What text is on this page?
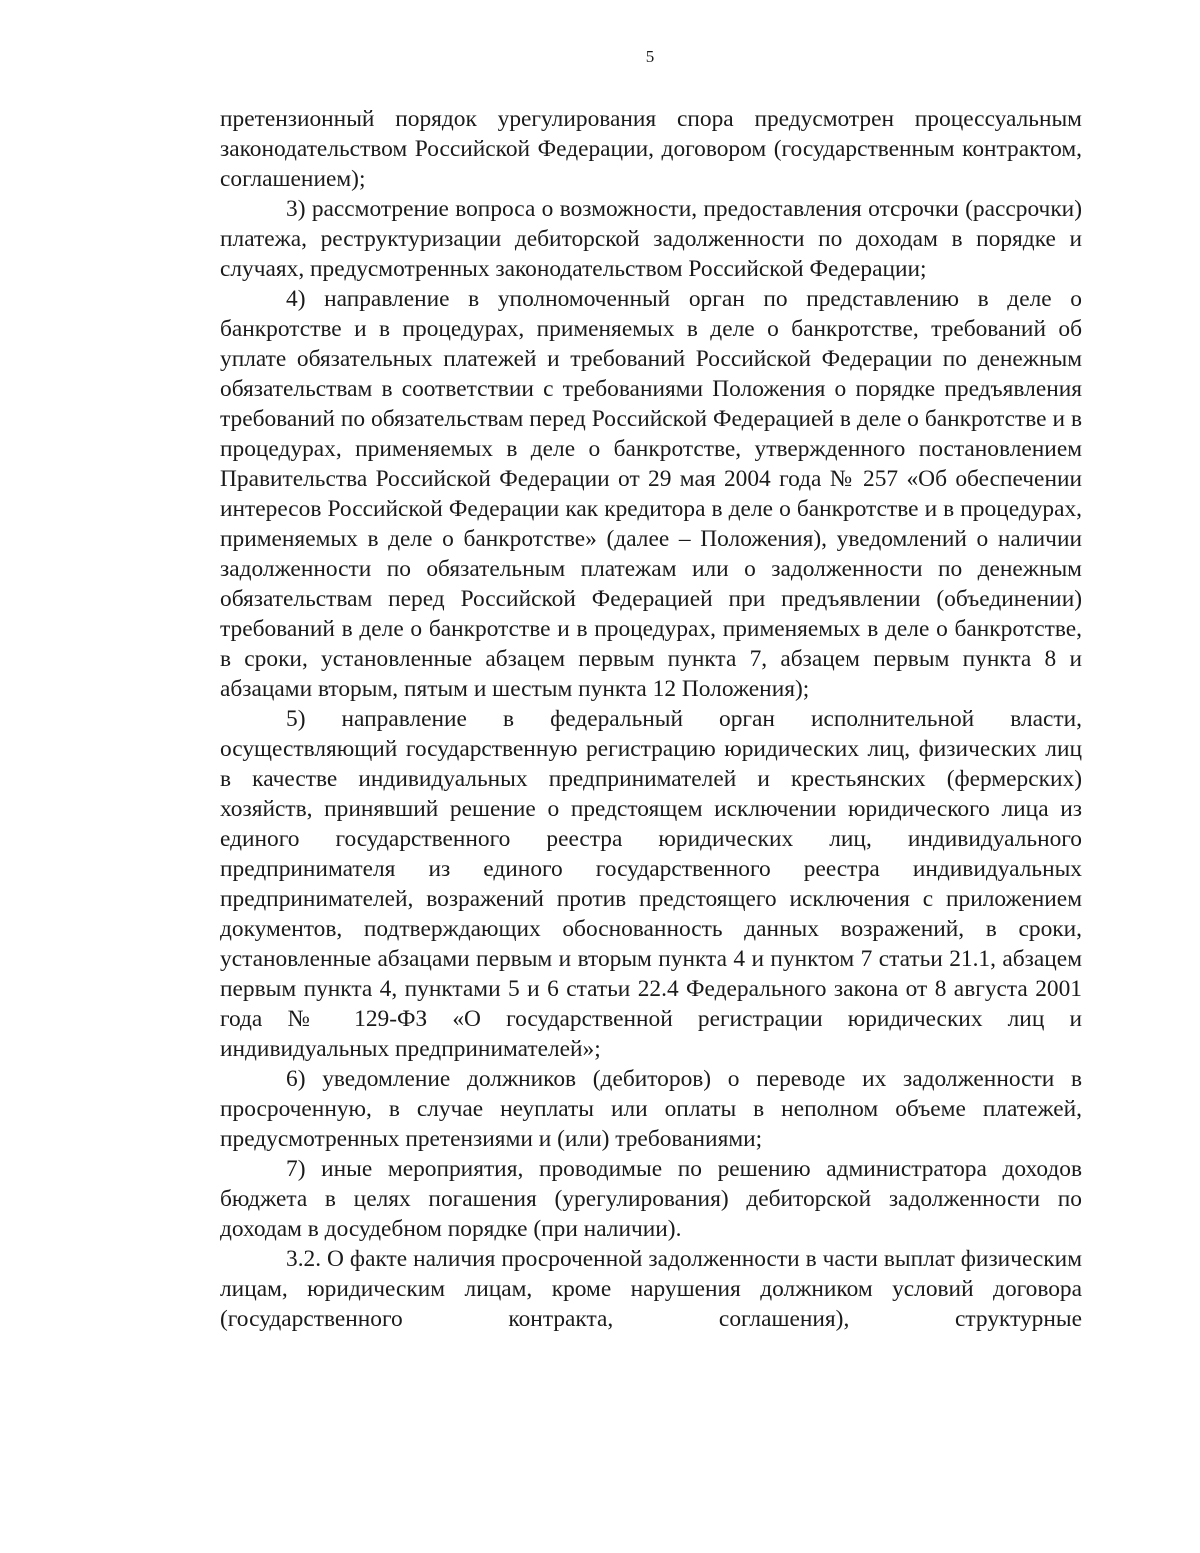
5

претензионный порядок урегулирования спора предусмотрен процессуальным законодательством Российской Федерации, договором (государственным контрактом, соглашением);

3) рассмотрение вопроса о возможности, предоставления отсрочки (рассрочки) платежа, реструктуризации дебиторской задолженности по доходам в порядке и случаях, предусмотренных законодательством Российской Федерации;

4) направление в уполномоченный орган по представлению в деле о банкротстве и в процедурах, применяемых в деле о банкротстве, требований об уплате обязательных платежей и требований Российской Федерации по денежным обязательствам в соответствии с требованиями Положения о порядке предъявления требований по обязательствам перед Российской Федерацией в деле о банкротстве и в процедурах, применяемых в деле о банкротстве, утвержденного постановлением Правительства Российской Федерации от 29 мая 2004 года № 257 «Об обеспечении интересов Российской Федерации как кредитора в деле о банкротстве и в процедурах, применяемых в деле о банкротстве» (далее – Положения), уведомлений о наличии задолженности по обязательным платежам или о задолженности по денежным обязательствам перед Российской Федерацией при предъявлении (объединении) требований в деле о банкротстве и в процедурах, применяемых в деле о банкротстве, в сроки, установленные абзацем первым пункта 7, абзацем первым пункта 8 и абзацами вторым, пятым и шестым пункта 12 Положения);

5) направление в федеральный орган исполнительной власти, осуществляющий государственную регистрацию юридических лиц, физических лиц в качестве индивидуальных предпринимателей и крестьянских (фермерских) хозяйств, принявший решение о предстоящем исключении юридического лица из единого государственного реестра юридических лиц, индивидуального предпринимателя из единого государственного реестра индивидуальных предпринимателей, возражений против предстоящего исключения с приложением документов, подтверждающих обоснованность данных возражений, в сроки, установленные абзацами первым и вторым пункта 4 и пунктом 7 статьи 21.1, абзацем первым пункта 4, пунктами 5 и 6 статьи 22.4 Федерального закона от 8 августа 2001 года № 129-ФЗ «О государственной регистрации юридических лиц и индивидуальных предпринимателей»;

6) уведомление должников (дебиторов) о переводе их задолженности в просроченную, в случае неуплаты или оплаты в неполном объеме платежей, предусмотренных претензиями и (или) требованиями;

7) иные мероприятия, проводимые по решению администратора доходов бюджета в целях погашения (урегулирования) дебиторской задолженности по доходам в досудебном порядке (при наличии).

3.2. О факте наличия просроченной задолженности в части выплат физическим лицам, юридическим лицам, кроме нарушения должником условий договора (государственного контракта, соглашения), структурные
